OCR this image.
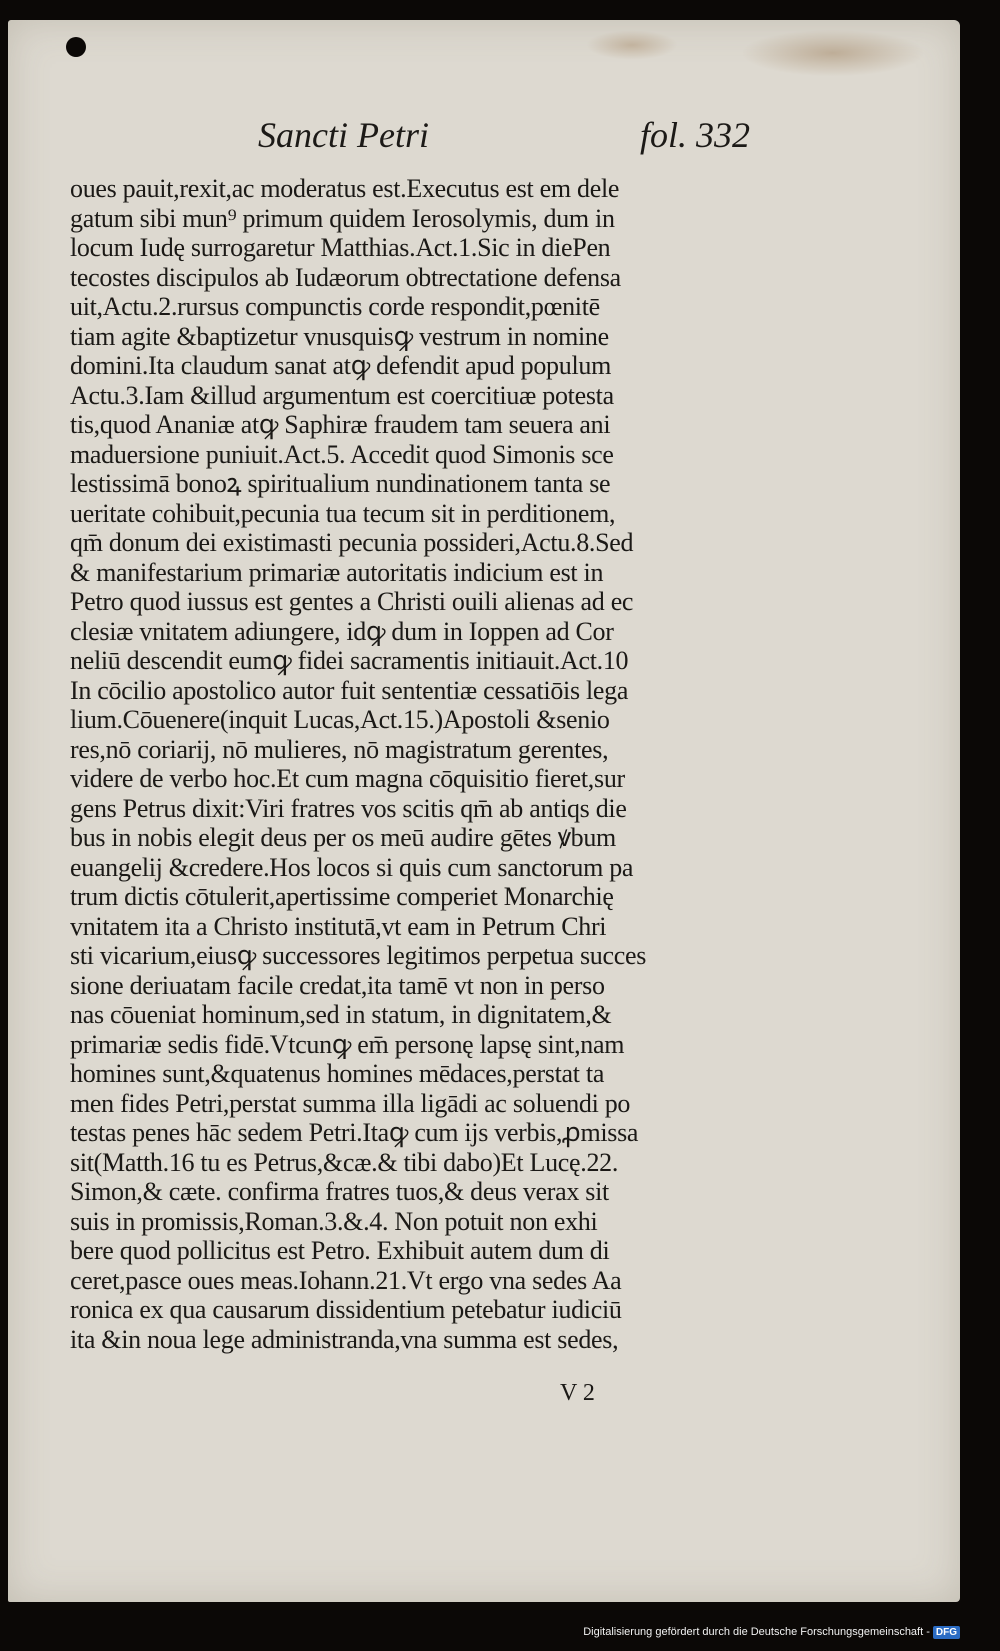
Sancti Petri	fol. 332
oues pauit,rexit,ac moderatus est.Executus est em dele
gatum sibi mun⁹ primum quidem Ierosolymis, dum in
locum Iudę surrogaretur Matthias.Act.1.Sic in diePen
tecostes discipulos ab Iudæorum obtrectatione defensa
uit,Actu.2.rursus compunctis corde respondit,pœnitē
tiam agite &baptizetur vnusquisꝙ vestrum in nomine
domini.Ita claudum sanat atꝙ defendit apud populum
Actu.3.Iam &illud argumentum est coercitiuæ potesta
tis,quod Ananiæ atꝙ Saphiræ fraudem tam seuera ani
maduersione puniuit.Act.5. Accedit quod Simonis sce
lestissimā bonoꝝ spiritualium nundinationem tanta se
ueritate cohibuit,pecunia tua tecum sit in perditionem,
qm̄ donum dei existimasti pecunia possideri,Actu.8.Sed
& manifestarium primariæ autoritatis indicium est in
Petro quod iussus est gentes a Christi ouili alienas ad ec
clesiæ vnitatem adiungere, idꝙ dum in Ioppen ad Cor
neliū descendit eumꝙ fidei sacramentis initiauit.Act.10
In cōcilio apostolico autor fuit sententiæ cessatiōis lega
lium.Cōuenere(inquit Lucas,Act.15.)Apostoli &senio
res,nō coriarij, nō mulieres, nō magistratum gerentes,
videre de verbo hoc.Et cum magna cōquisitio fieret,sur
gens Petrus dixit:Viri fratres vos scitis qm̄ ab antiqs die
bus in nobis elegit deus per os meū audire gētes ꝟbum
euangelij &credere.Hos locos si quis cum sanctorum pa
trum dictis cōtulerit,apertissime comperiet Monarchię
vnitatem ita a Christo institutā,vt eam in Petrum Chri
sti vicarium,eiusꝙ successores legitimos perpetua succes
sione deriuatam facile credat,ita tamē vt non in perso
nas cōueniat hominum,sed in statum, in dignitatem,&
primariæ sedis fidē.Vtcunꝙ em̄ personę lapsę sint,nam
homines sunt,&quatenus homines mēdaces,perstat ta
men fides Petri,perstat summa illa ligādi ac soluendi po
testas penes hāc sedem Petri.Itaꝙ cum ijs verbis,ꝓmissa
sit(Matth.16 tu es Petrus,&cæ.& tibi dabo)Et Lucę.22.
Simon,& cæte. confirma fratres tuos,& deus verax sit
suis in promissis,Roman.3.&.4. Non potuit non exhi
bere quod pollicitus est Petro. Exhibuit autem dum di
ceret,pasce oues meas.Iohann.21.Vt ergo vna sedes Aa
ronica ex qua causarum dissidentium petebatur iudiciū
ita &in noua lege administranda,vna summa est sedes,
V 2
Digitalisierung gefördert durch die Deutsche Forschungsgemeinschaft - DFG
